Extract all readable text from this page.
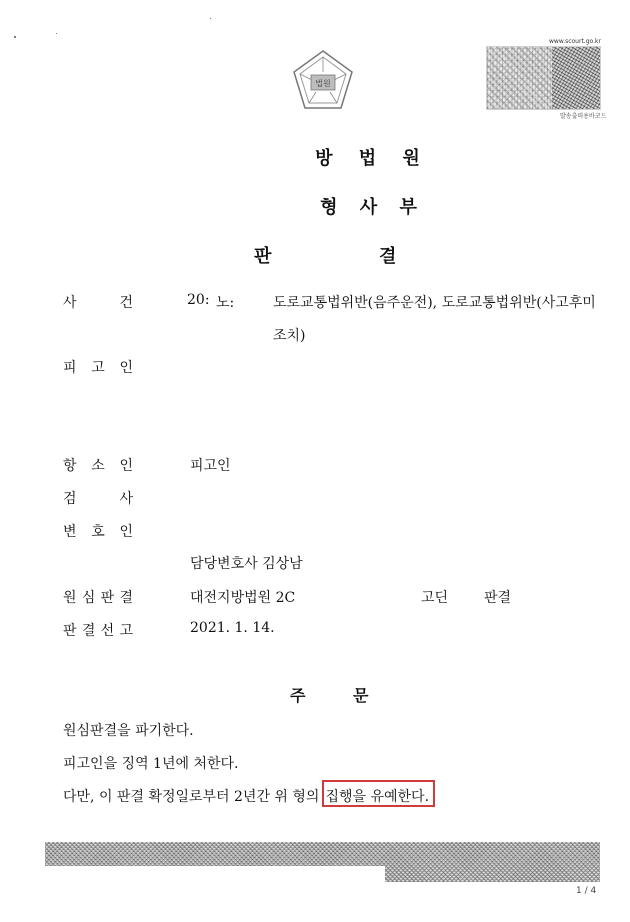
법원
www.scourt.go.kr
발송출력용바코드
방 법 원
형 사 부
판	결
사	건	20: 노:	도로교통법위반(음주운전), 도로교통법위반(사고후미
조치)
피 고 인
항 소 인	피고인
검	사
변 호 인
담당변호사 김상남
원 심 판 결	대전지방법원 2C	고딘	판결
판 결 선 고	2021. 1. 14.
주	문
원심판결을 파기한다.
피고인을 징역 1년에 처한다.
다만, 이 판결 확정일로부터 2년간 위 형의 집행을 유예한다.
1 / 4
